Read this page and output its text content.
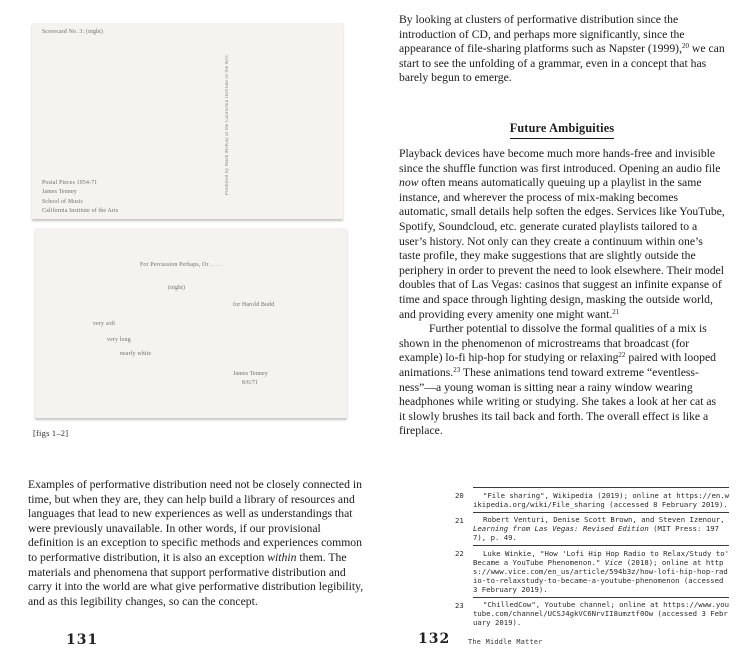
Scorecard No. 3: (night)
Produced by Mark McKay at the California Institute of the Arts
Postal Pieces 1954-71
James Tenney
School of Music
California Institute of the Arts
For Percussion Perhaps, Or . . . .
(night)
for Harold Budd
very soft
very long
nearly white
James Tenney
8/6/71
[figs 1–2]

Examples of performative distribution need not be closely connected in time, but when they are, they can help build a library of resources and languages that lead to new experiences as well as understandings that were previously unavailable. In other words, if our provisional definition is an exception to specific methods and experiences common to performative distribution, it is also an exception within them. The materials and phenomena that support performative distribution and carry it into the world are what give performative distribution legibility, and as this legibility changes, so can the concept.

131

By looking at clusters of performative distribution since the introduction of CD, and perhaps more significantly, since the appearance of file-sharing platforms such as Napster (1999),$^{20}$ we can start to see the unfolding of a grammar, even in a concept that has barely begun to emerge.

Future Ambiguities

Playback devices have become much more hands-free and invisible since the shuffle function was first introduced. Opening an audio file now often means automatically queuing up a playlist in the same instance, and wherever the process of mix-making becomes automatic, small details help soften the edges. Services like YouTube, Spotify, Soundcloud, etc. generate curated playlists tailored to a user’s history. Not only can they create a continuum within one’s taste profile, they make suggestions that are slightly outside the periphery in order to prevent the need to look elsewhere. Their model doubles that of Las Vegas: casinos that suggest an infinite expanse of time and space through lighting design, masking the outside world, and providing every amenity one might want.$^{21}$

Further potential to dissolve the formal qualities of a mix is shown in the phenomenon of microstreams that broadcast (for example) lo-fi hip-hop for studying or relaxing$^{22}$ paired with looped animations.$^{23}$ These animations tend toward extreme “eventless-ness”—a young woman is sitting near a rainy window wearing headphones while writing or studying. She takes a look at her cat as it slowly brushes its tail back and forth. The overall effect is like a fireplace.

20	"File sharing", Wikipedia (2019); online at https://en.wikipedia.org/wiki/File_sharing (accessed 8 February 2019).
21	Robert Venturi, Denise Scott Brown, and Steven Izenour, Learning from Las Vegas: Revised Edition (MIT Press: 1977), p. 49.
22	Luke Winkie, "How 'Lofi Hip Hop Radio to Relax/Study to' Became a YouTube Phenomenon." Vice (2018); online at https://www.vice.com/en_us/article/594b3z/how-lofi-hip-hop-radio-to-relaxstudy-to-became-a-youtube-phenomenon (accessed 3 February 2019).
23	"ChilledCow", Youtube channel; online at https://www.youtube.com/channel/UCSJ4gkVC6NrvII8umztf0Ow (accessed 3 February 2019).
132	The Middle Matter
